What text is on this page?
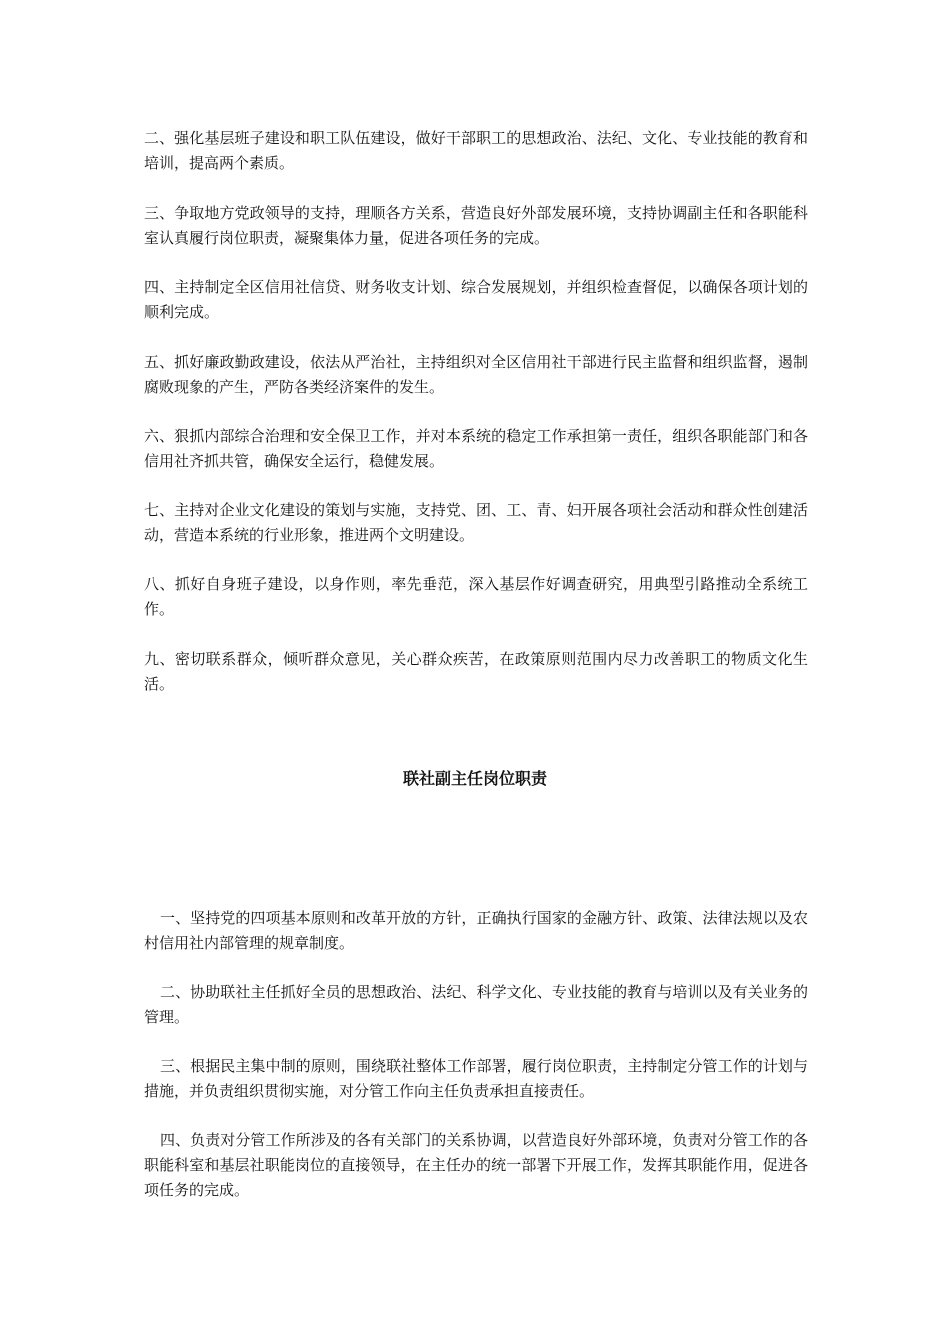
二、强化基层班子建设和职工队伍建设，做好干部职工的思想政治、法纪、文化、专业技能的教育和培训，提高两个素质。

三、争取地方党政领导的支持，理顺各方关系，营造良好外部发展环境，支持协调副主任和各职能科室认真履行岗位职责，凝聚集体力量，促进各项任务的完成。

四、主持制定全区信用社信贷、财务收支计划、综合发展规划，并组织检查督促，以确保各项计划的顺利完成。

五、抓好廉政勤政建设，依法从严治社，主持组织对全区信用社干部进行民主监督和组织监督，遏制腐败现象的产生，严防各类经济案件的发生。

六、狠抓内部综合治理和安全保卫工作，并对本系统的稳定工作承担第一责任，组织各职能部门和各信用社齐抓共管，确保安全运行，稳健发展。

七、主持对企业文化建设的策划与实施，支持党、团、工、青、妇开展各项社会活动和群众性创建活动，营造本系统的行业形象，推进两个文明建设。

八、抓好自身班子建设，以身作则，率先垂范，深入基层作好调查研究，用典型引路推动全系统工作。

九、密切联系群众，倾听群众意见，关心群众疾苦，在政策原则范围内尽力改善职工的物质文化生活。

联社副主任岗位职责

一、坚持党的四项基本原则和改革开放的方针，正确执行国家的金融方针、政策、法律法规以及农村信用社内部管理的规章制度。

二、协助联社主任抓好全员的思想政治、法纪、科学文化、专业技能的教育与培训以及有关业务的管理。

三、根据民主集中制的原则，围绕联社整体工作部署，履行岗位职责，主持制定分管工作的计划与措施，并负责组织贯彻实施，对分管工作向主任负责承担直接责任。

四、负责对分管工作所涉及的各有关部门的关系协调，以营造良好外部环境，负责对分管工作的各职能科室和基层社职能岗位的直接领导，在主任办的统一部署下开展工作，发挥其职能作用，促进各项任务的完成。
